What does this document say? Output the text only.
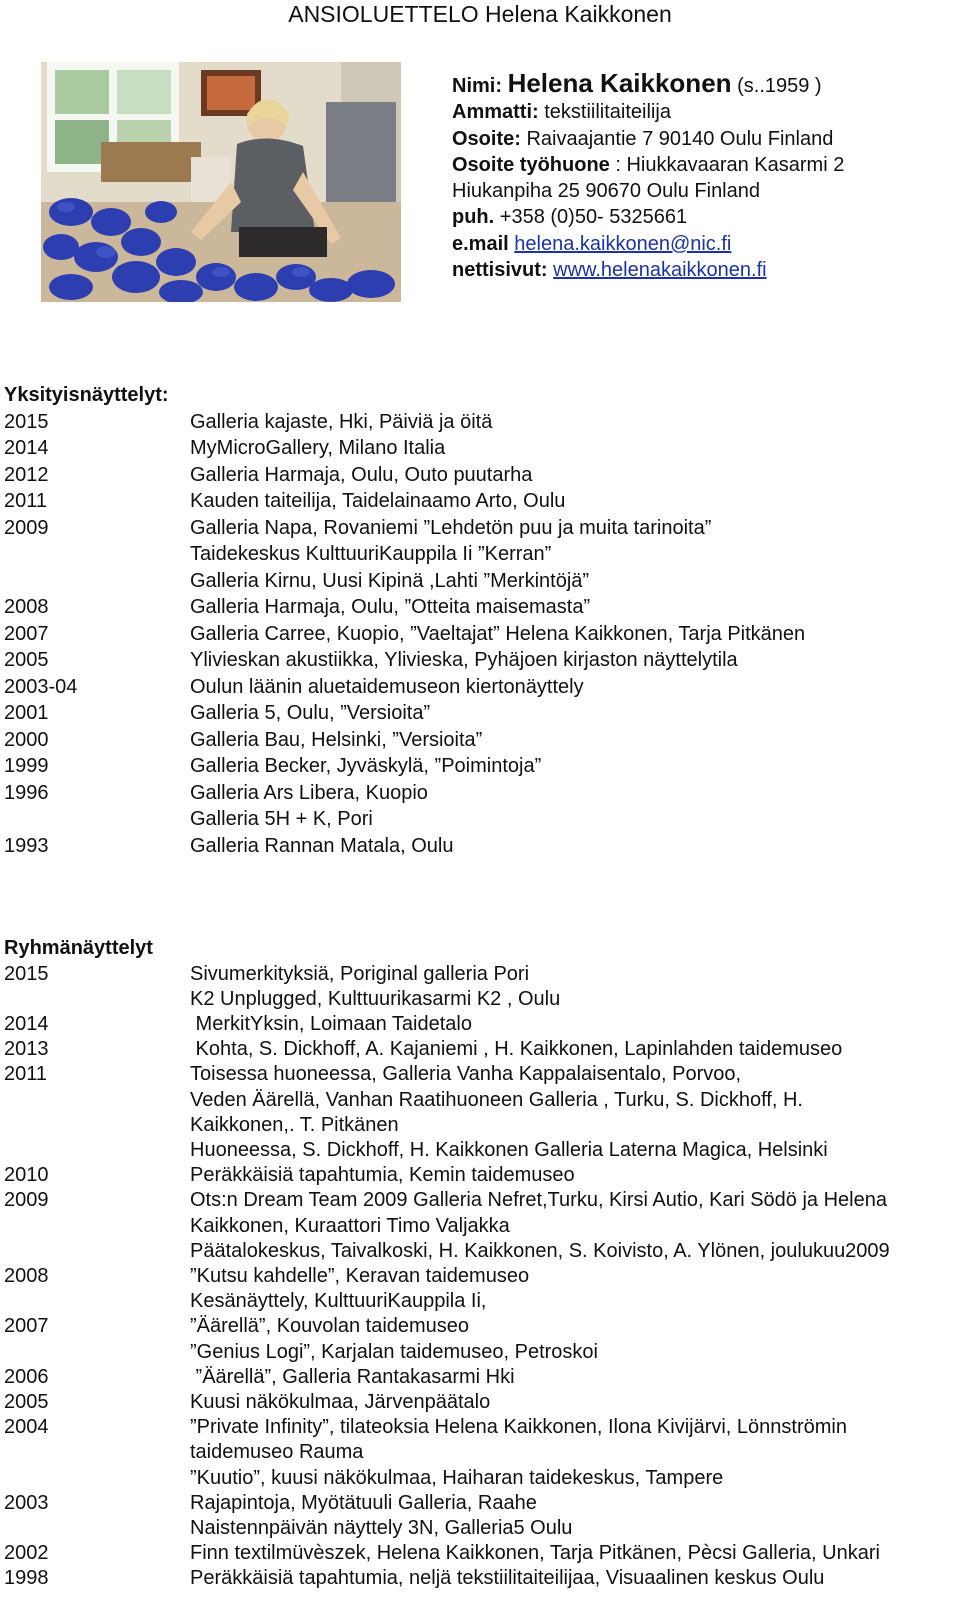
ANSIOLUETTELO Helena Kaikkonen
Nimi: Helena Kaikkonen (s..1959 )
Ammatti: tekstiilitaiteilija
Osoite: Raivaajantie 7 90140 Oulu Finland
Osoite työhuone : Hiukkavaaran Kasarmi 2
Hiukanpiha 25 90670 Oulu Finland
puh. +358 (0)50- 5325661
e.mail helena.kaikkonen@nic.fi
nettisivut: www.helenakaikkonen.fi
Yksityisnäyttelyt:
2015	Galleria kajaste, Hki, Päiviä ja öitä
2014	MyMicroGallery, Milano Italia
2012	Galleria Harmaja, Oulu, Outo puutarha
2011	Kauden taiteilija, Taidelainaamo Arto, Oulu
2009	Galleria Napa, Rovaniemi ”Lehdetön puu ja muita tarinoita”
Taidekeskus KulttuuriKauppila Ii ”Kerran”
Galleria Kirnu, Uusi Kipinä ,Lahti ”Merkintöjä”
2008	Galleria Harmaja, Oulu, ”Otteita maisemasta”
2007	Galleria Carree, Kuopio, ”Vaeltajat” Helena Kaikkonen, Tarja Pitkänen
2005	Ylivieskan akustiikka, Ylivieska, Pyhäjoen kirjaston näyttelytila
2003-04	Oulun läänin aluetaidemuseon kiertonäyttely
2001	Galleria 5, Oulu, ”Versioita”
2000	Galleria Bau, Helsinki, ”Versioita”
1999	Galleria Becker, Jyväskylä, ”Poimintoja”
1996	Galleria Ars Libera, Kuopio
Galleria 5H + K, Pori
1993	Galleria Rannan Matala, Oulu
Ryhmänäyttelyt
2015	Sivumerkityksiä, Poriginal galleria Pori
K2 Unplugged, Kulttuurikasarmi K2 , Oulu
2014	MerkitYksin, Loimaan Taidetalo
2013	Kohta, S. Dickhoff, A. Kajaniemi , H. Kaikkonen, Lapinlahden taidemuseo
2011	Toisessa huoneessa, Galleria Vanha Kappalaisentalo, Porvoo,
Veden Äärellä, Vanhan Raatihuoneen Galleria , Turku, S. Dickhoff, H.
Kaikkonen,. T. Pitkänen
Huoneessa, S. Dickhoff, H. Kaikkonen Galleria Laterna Magica, Helsinki
2010	Peräkkäisiä tapahtumia, Kemin taidemuseo
2009	Ots:n Dream Team 2009 Galleria Nefret,Turku, Kirsi Autio, Kari Södö ja Helena
Kaikkonen, Kuraattori Timo Valjakka
Päätalokeskus, Taivalkoski, H. Kaikkonen, S. Koivisto, A. Ylönen, joulukuu2009
2008	”Kutsu kahdelle”, Keravan taidemuseo
Kesänäyttely, KulttuuriKauppila Ii,
2007	”Äärellä”, Kouvolan taidemuseo
”Genius Logi”, Karjalan taidemuseo, Petroskoi
2006	”Äärellä”, Galleria Rantakasarmi Hki
2005	Kuusi näkökulmaa, Järvenpäätalo
2004	”Private Infinity”, tilateoksia Helena Kaikkonen, Ilona Kivijärvi, Lönnströmin
taidemuseo Rauma
”Kuutio”, kuusi näkökulmaa, Haiharan taidekeskus, Tampere
2003	Rajapintoja, Myötätuuli Galleria, Raahe
Naistennpäivän näyttely 3N, Galleria5 Oulu
2002	Finn textilmüvèszek, Helena Kaikkonen, Tarja Pitkänen, Pècsi Galleria, Unkari
1998	Peräkkäisiä tapahtumia, neljä tekstiilitaiteilijaa, Visuaalinen keskus Oulu
